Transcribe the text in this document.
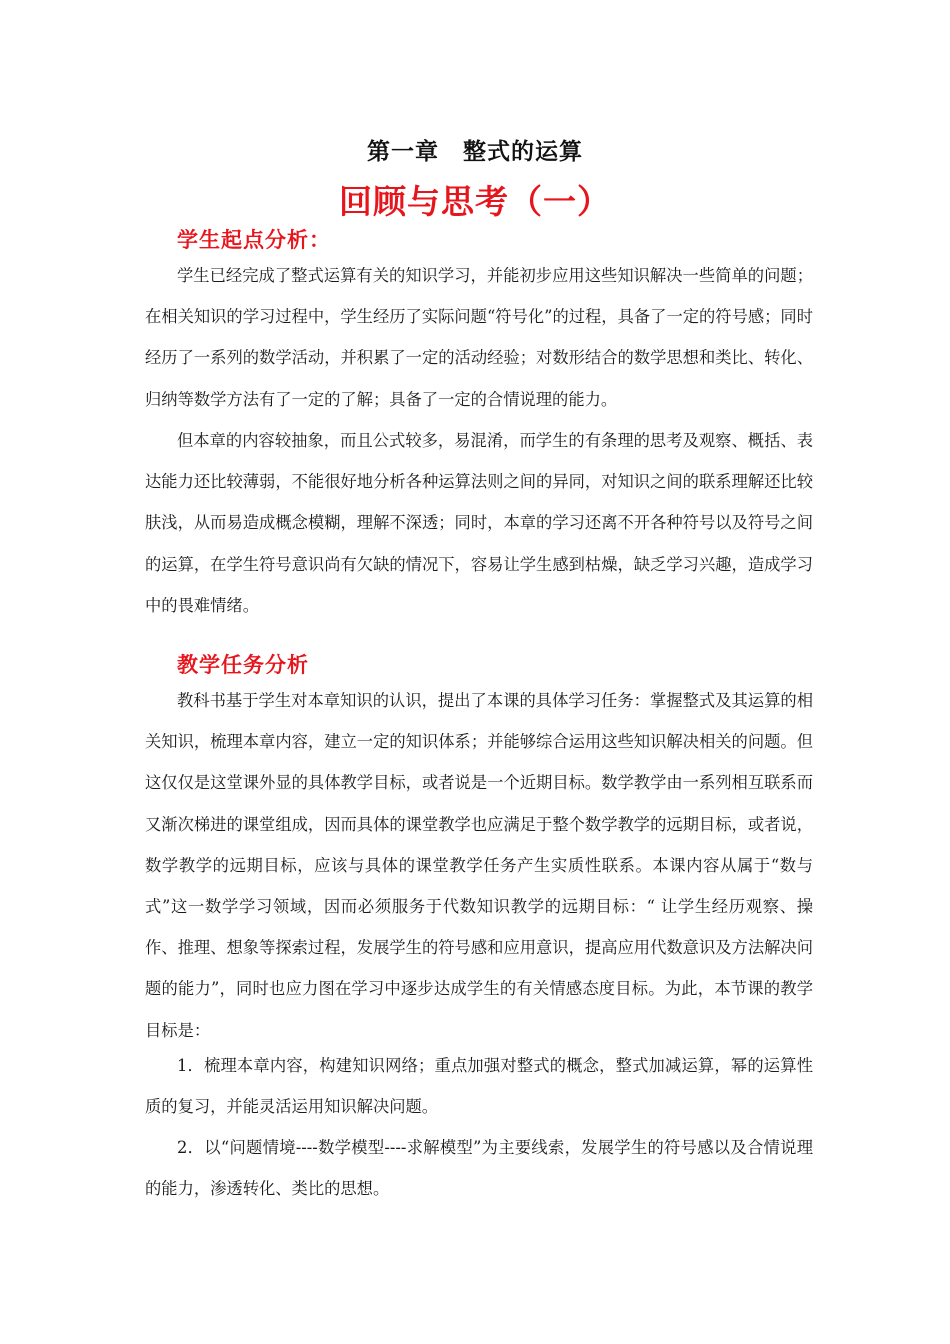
第一章　整式的运算
回顾与思考（一）
学生起点分析：
学生已经完成了整式运算有关的知识学习，并能初步应用这些知识解决一些简单的问题；在相关知识的学习过程中，学生经历了实际问题“符号化”的过程，具备了一定的符号感；同时经历了一系列的数学活动，并积累了一定的活动经验；对数形结合的数学思想和类比、转化、归纳等数学方法有了一定的了解；具备了一定的合情说理的能力。
但本章的内容较抽象，而且公式较多，易混淆，而学生的有条理的思考及观察、概括、表达能力还比较薄弱，不能很好地分析各种运算法则之间的异同，对知识之间的联系理解还比较肤浅，从而易造成概念模糊，理解不深透；同时，本章的学习还离不开各种符号以及符号之间的运算，在学生符号意识尚有欠缺的情况下，容易让学生感到枯燥，缺乏学习兴趣，造成学习中的畏难情绪。
教学任务分析
教科书基于学生对本章知识的认识，提出了本课的具体学习任务：掌握整式及其运算的相关知识，梳理本章内容，建立一定的知识体系；并能够综合运用这些知识解决相关的问题。但这仅仅是这堂课外显的具体教学目标，或者说是一个近期目标。数学教学由一系列相互联系而又渐次梯进的课堂组成，因而具体的课堂教学也应满足于整个数学教学的远期目标，或者说，数学教学的远期目标，应该与具体的课堂教学任务产生实质性联系。本课内容从属于“数与式”这一数学学习领域，因而必须服务于代数知识教学的远期目标：“ 让学生经历观察、操作、推理、想象等探索过程，发展学生的符号感和应用意识，提高应用代数意识及方法解决问题的能力”，同时也应力图在学习中逐步达成学生的有关情感态度目标。为此，本节课的教学目标是：
1．梳理本章内容，构建知识网络；重点加强对整式的概念，整式加减运算，幂的运算性质的复习，并能灵活运用知识解决问题。
2．以“问题情境----数学模型----求解模型”为主要线索，发展学生的符号感以及合情说理的能力，渗透转化、类比的思想。
